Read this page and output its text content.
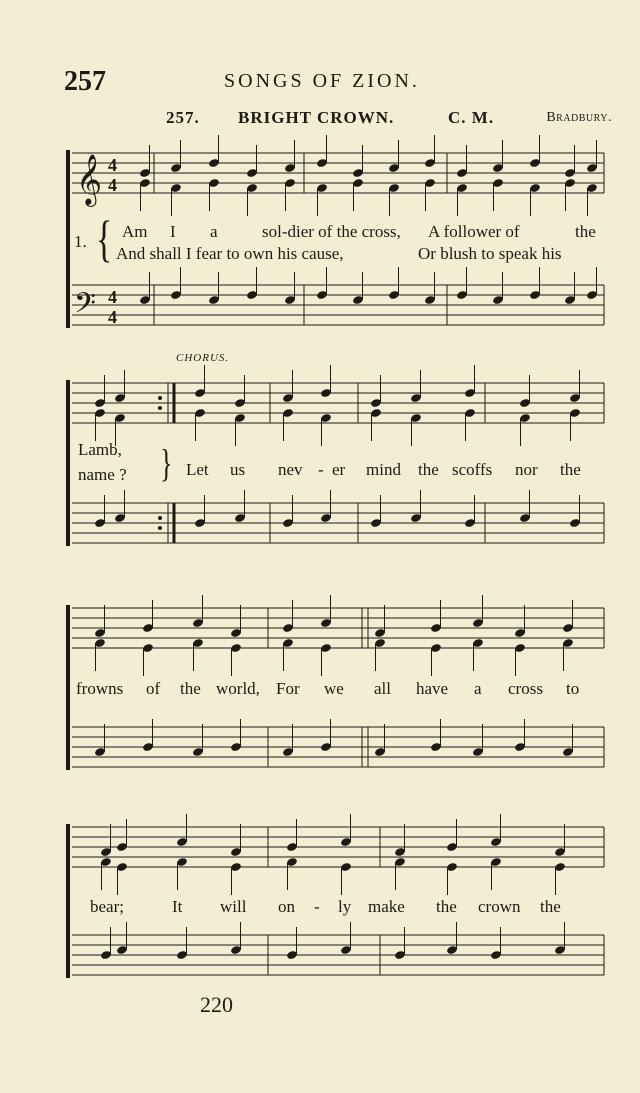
257	SONGS OF ZION.
257. BRIGHT CROWN.	C. M.	Bradbury.
𝄞
𝄢
4
4
4
4
1. { Am I a	sol-dier of the cross, A follower of	the
And shall I fear to own his cause,	Or blush to speak his
CHORUS.
Lamb,
name ? } Let us nev - er mind the scoffs nor the
frowns of the world, For we all have a cross to
bear;	It will on - ly make the crown the
220
